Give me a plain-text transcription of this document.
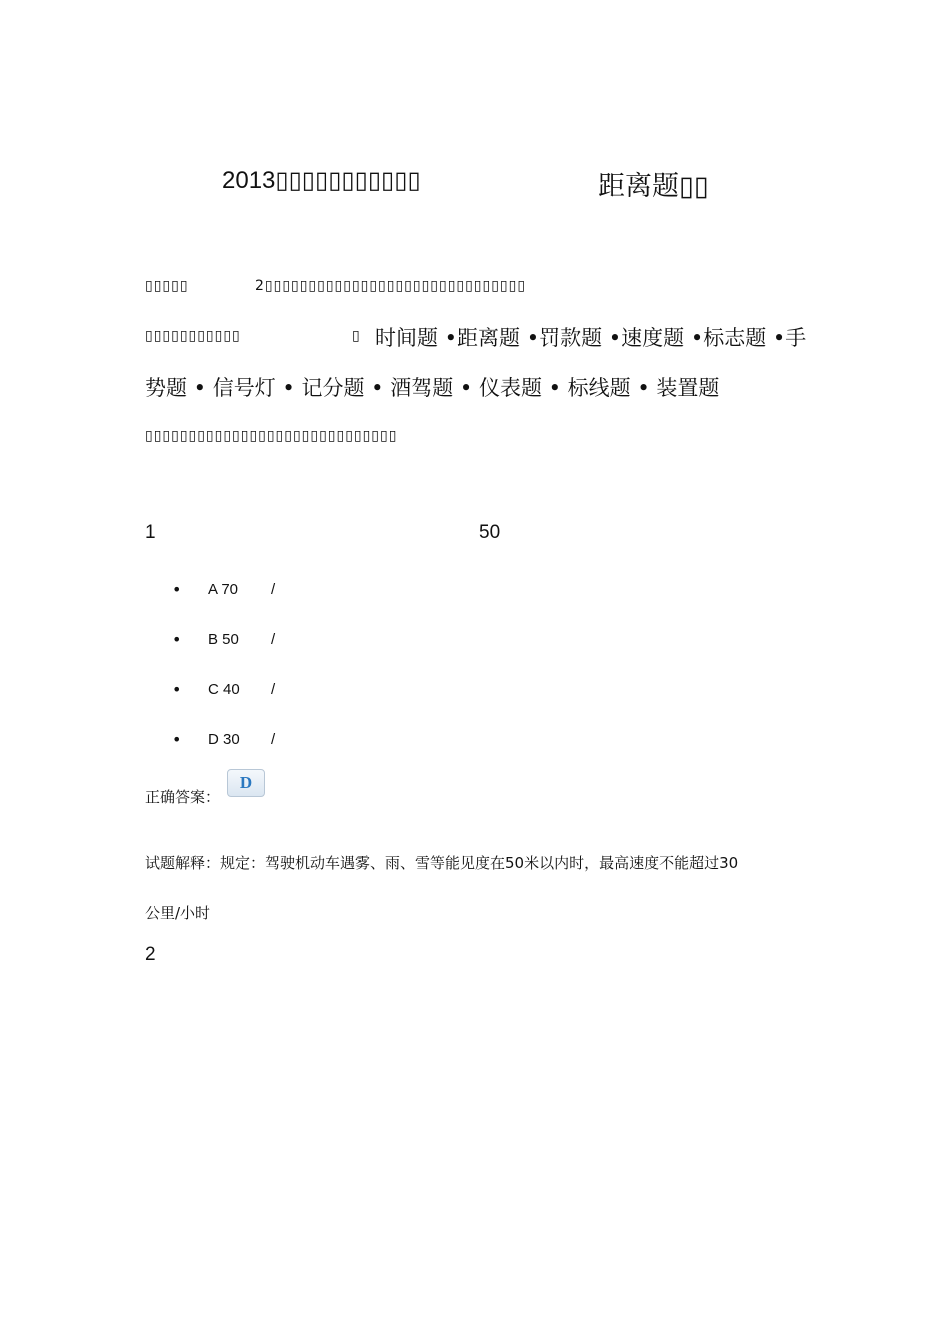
2013▯▯▯▯▯▯▯▯▯▯▯	距离题▯▯
▯▯▯▯▯	2▯▯▯▯▯▯▯▯▯▯▯▯▯▯▯▯▯▯▯▯▯▯▯▯▯▯▯▯▯▯
▯▯▯▯▯▯▯▯▯▯▯	▯ 时间题 •距离题 •罚款题 •速度题 •标志题 •手
势题 • 信号灯 • 记分题 • 酒驾题 • 仪表题 • 标线题 • 装置题
▯▯▯▯▯▯▯▯▯▯▯▯▯▯▯▯▯▯▯▯▯▯▯▯▯▯▯▯▯
1	50
• A 70 /
• B 50 /
• C 40 /
• D 30 /
正确答案：
D
试题解释：规定：驾驶机动车遇雾、雨、雪等能见度在50米以内时，最高速度不能超过30
公里/小时
2
